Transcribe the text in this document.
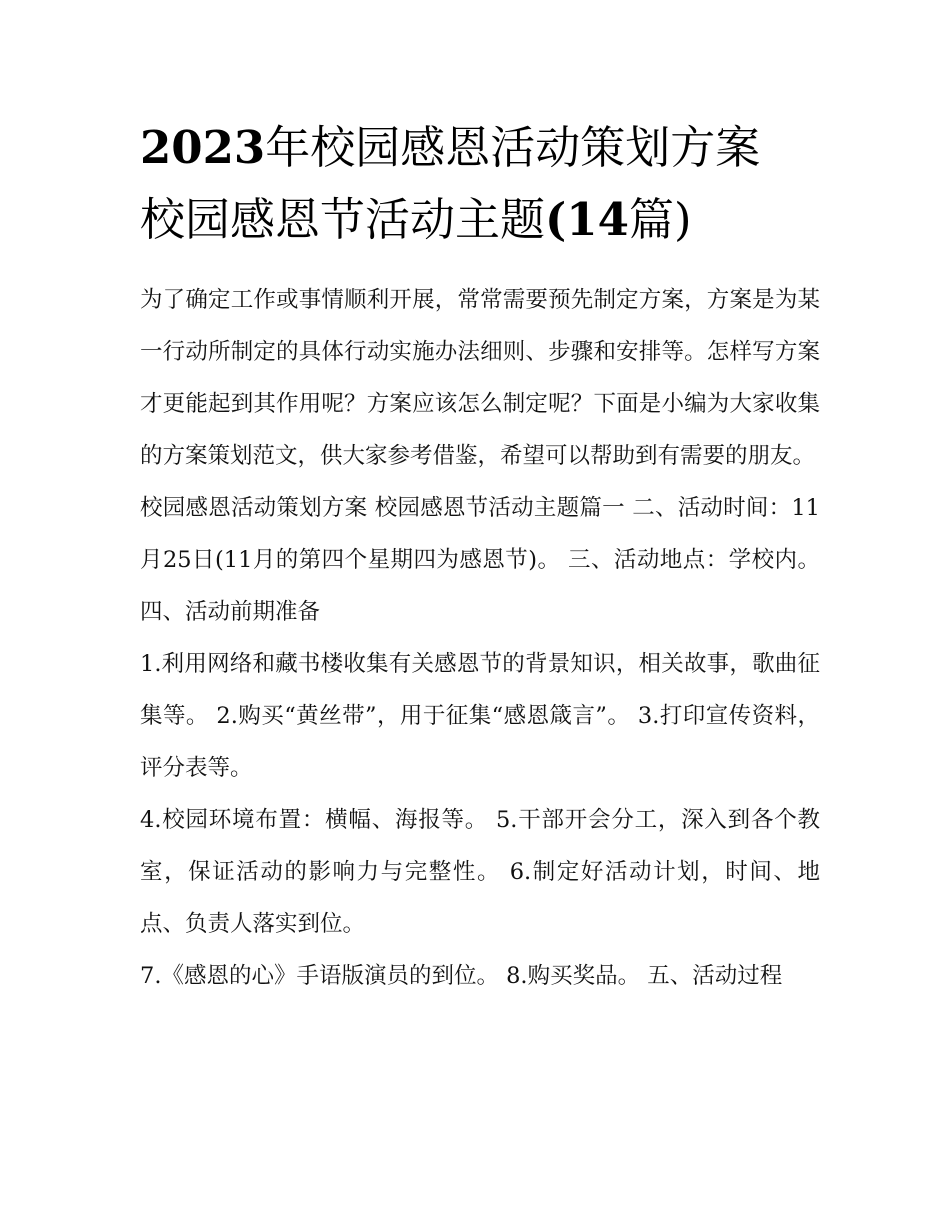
2023年校园感恩活动策划方案
校园感恩节活动主题(14篇)

为了确定工作或事情顺利开展，常常需要预先制定方案，方案是为某一行动所制定的具体行动实施办法细则、步骤和安排等。怎样写方案才更能起到其作用呢？方案应该怎么制定呢？下面是小编为大家收集的方案策划范文，供大家参考借鉴，希望可以帮助到有需要的朋友。

校园感恩活动策划方案 校园感恩节活动主题篇一 二、活动时间：11月25日(11月的第四个星期四为感恩节)。 三、活动地点：学校内。 四、活动前期准备

1.利用网络和藏书楼收集有关感恩节的背景知识，相关故事，歌曲征集等。 2.购买“黄丝带”，用于征集“感恩箴言”。 3.打印宣传资料，评分表等。

4.校园环境布置：横幅、海报等。 5.干部开会分工，深入到各个教室，保证活动的影响力与完整性。 6.制定好活动计划，时间、地点、负责人落实到位。

7.《感恩的心》手语版演员的到位。 8.购买奖品。 五、活动过程
